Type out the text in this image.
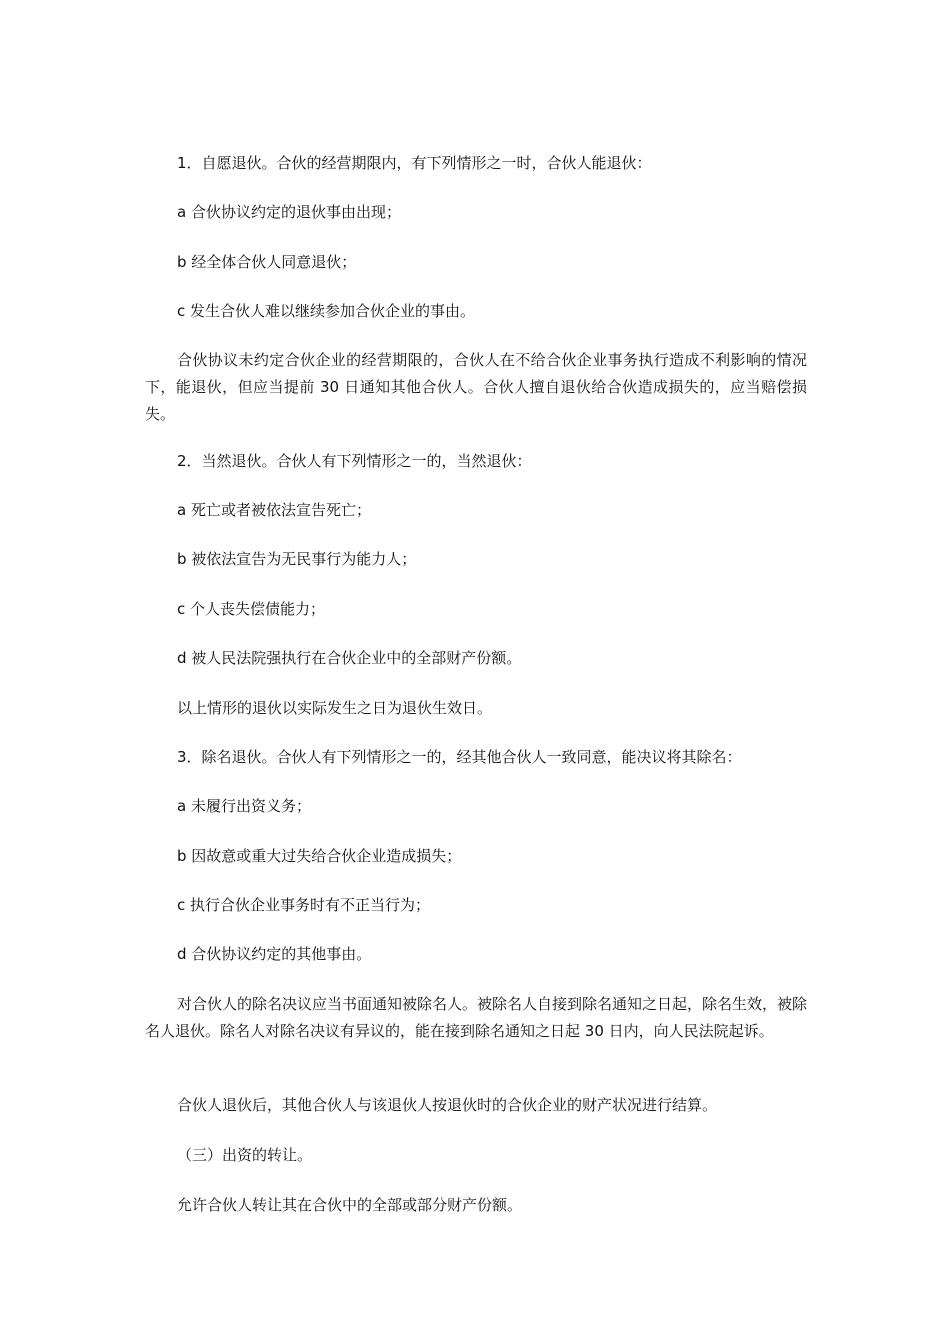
1．自愿退伙。合伙的经营期限内，有下列情形之一时，合伙人能退伙：

a 合伙协议约定的退伙事由出现；

b 经全体合伙人同意退伙；

c 发生合伙人难以继续参加合伙企业的事由。

合伙协议未约定合伙企业的经营期限的，合伙人在不给合伙企业事务执行造成不利影响的情况下，能退伙，但应当提前 30 日通知其他合伙人。合伙人擅自退伙给合伙造成损失的，应当赔偿损失。

2．当然退伙。合伙人有下列情形之一的，当然退伙：

a 死亡或者被依法宣告死亡；

b 被依法宣告为无民事行为能力人；

c 个人丧失偿债能力；

d 被人民法院强执行在合伙企业中的全部财产份额。

以上情形的退伙以实际发生之日为退伙生效日。

3．除名退伙。合伙人有下列情形之一的，经其他合伙人一致同意，能决议将其除名：

a 未履行出资义务；

b 因故意或重大过失给合伙企业造成损失；

c 执行合伙企业事务时有不正当行为；

d 合伙协议约定的其他事由。

对合伙人的除名决议应当书面通知被除名人。被除名人自接到除名通知之日起，除名生效，被除名人退伙。除名人对除名决议有异议的，能在接到除名通知之日起 30 日内，向人民法院起诉。

合伙人退伙后，其他合伙人与该退伙人按退伙时的合伙企业的财产状况进行结算。

（三）出资的转让。

允许合伙人转让其在合伙中的全部或部分财产份额。
